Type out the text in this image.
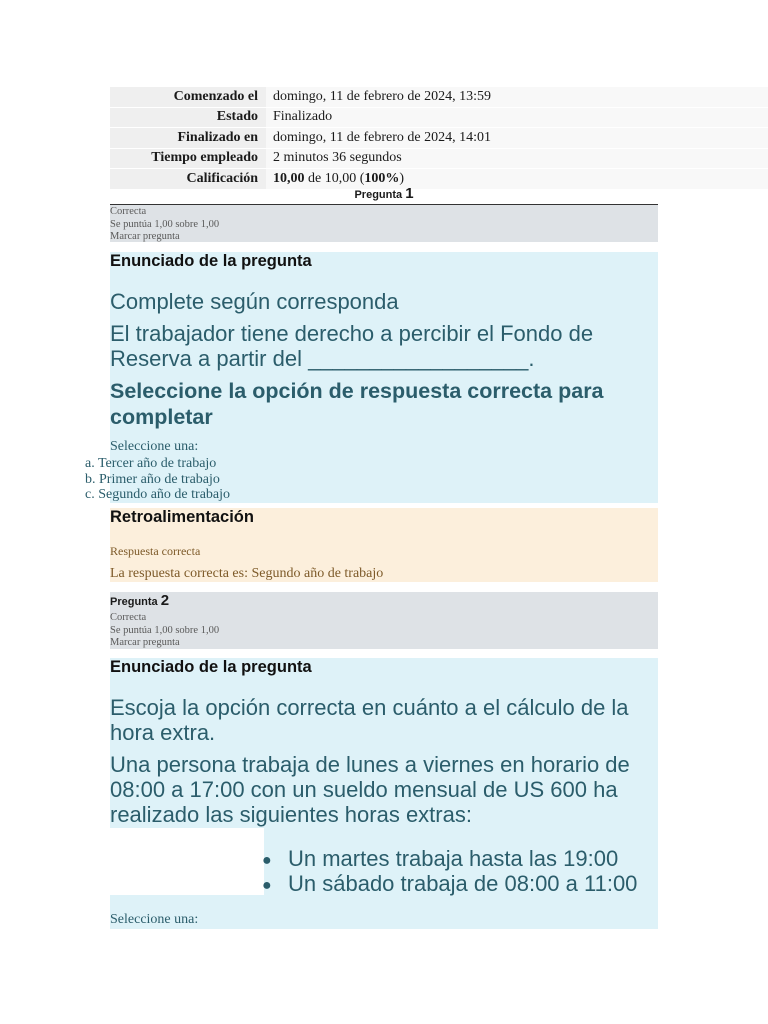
Comenzado el	domingo, 11 de febrero de 2024, 13:59
Estado	Finalizado
Finalizado en	domingo, 11 de febrero de 2024, 14:01
Tiempo empleado	2 minutos 36 segundos
Calificación	10,00 de 10,00 (100%)
Pregunta 1
Correcta
Se puntúa 1,00 sobre 1,00
Marcar pregunta
Enunciado de la pregunta
Complete según corresponda
El trabajador tiene derecho a percibir el Fondo de Reserva a partir del __________________.
Seleccione la opción de respuesta correcta para completar
Seleccione una:
a. Tercer año de trabajo
b. Primer año de trabajo
c. Segundo año de trabajo
Retroalimentación
Respuesta correcta
La respuesta correcta es: Segundo año de trabajo
Pregunta 2
Correcta
Se puntúa 1,00 sobre 1,00
Marcar pregunta
Enunciado de la pregunta
Escoja la opción correcta en cuánto a el cálculo de la hora extra.
Una persona trabaja de lunes a viernes en horario de 08:00 a 17:00 con un sueldo mensual de US 600 ha realizado las siguientes horas extras:
● Un martes trabaja hasta las 19:00
● Un sábado trabaja de 08:00 a 11:00
Seleccione una:
